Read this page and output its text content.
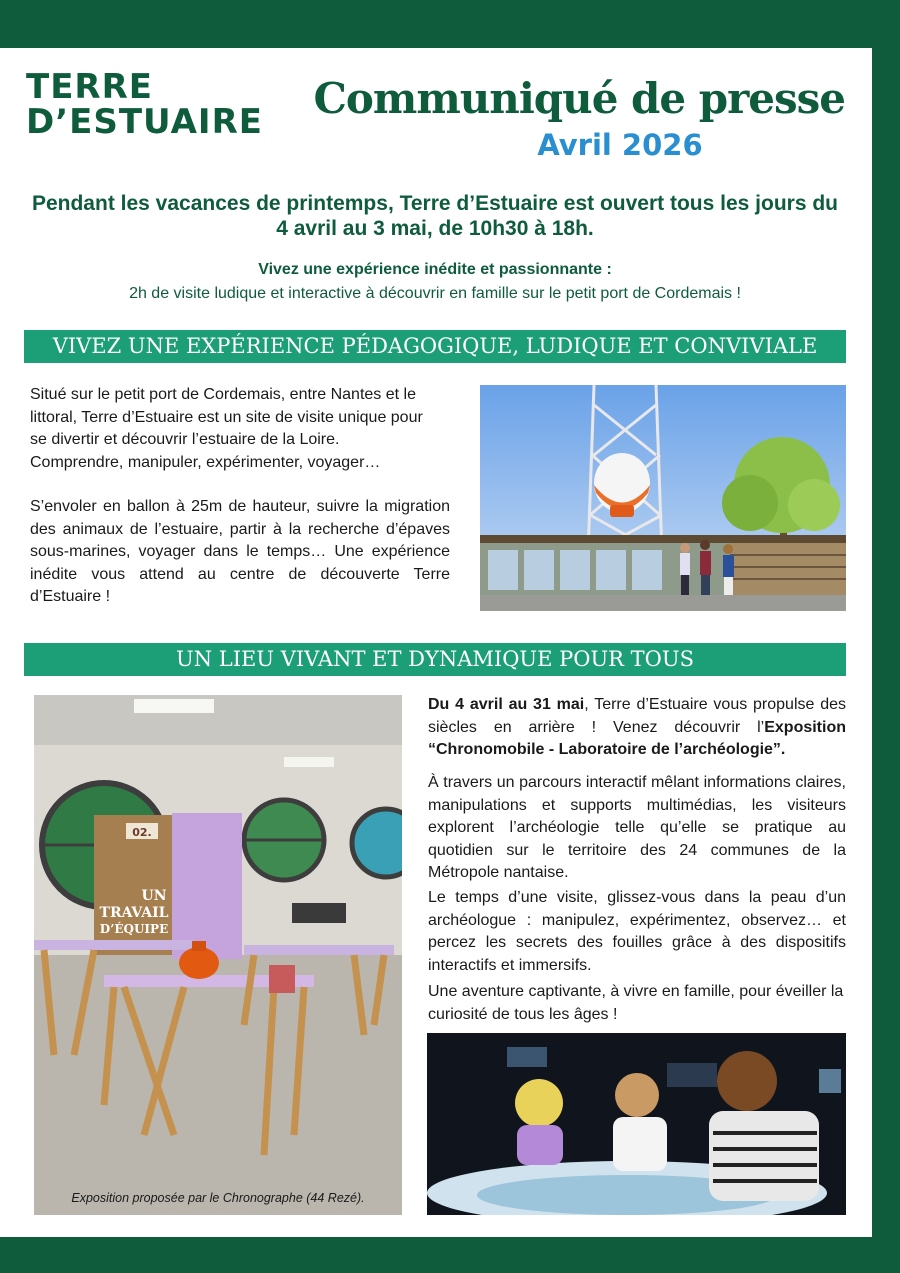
TERRE
D’ESTUAIRE Communiqué de presse
Avril 2026
Pendant les vacances de printemps, Terre d’Estuaire est ouvert tous les jours du 4 avril au 3 mai, de 10h30 à 18h.
Vivez une expérience inédite et passionnante :
2h de visite ludique et interactive à découvrir en famille sur le petit port de Cordemais !
VIVEZ UNE EXPÉRIENCE PÉDAGOGIQUE, LUDIQUE ET CONVIVIALE
Situé sur le petit port de Cordemais, entre Nantes et le
littoral, Terre d’Estuaire est un site de visite unique pour
se divertir et découvrir l’estuaire de la Loire.
Comprendre, manipuler, expérimenter, voyager…

S’envoler en ballon à 25m de hauteur, suivre la migration des animaux de l’estuaire, partir à la recherche d’épaves sous-marines, voyager dans le temps… Une expérience inédite vous attend au centre de découverte Terre d’Estuaire !

UN LIEU VIVANT ET DYNAMIQUE POUR TOUS
02.
UN
TRAVAIL
D’ÉQUIPE
Exposition proposée par le Chronographe (44 Rezé).

Du 4 avril au 31 mai, Terre d’Estuaire vous propulse des siècles en arrière ! Venez découvrir l’Exposition “Chronomobile - Laboratoire de l’archéologie”.

À travers un parcours interactif mêlant informations claires, manipulations et supports multimédias, les visiteurs explorent l’archéologie telle qu’elle se pratique au quotidien sur le territoire des 24 communes de la Métropole nantaise.

Le temps d’une visite, glissez-vous dans la peau d’un archéologue : manipulez, expérimentez, observez… et percez les secrets des fouilles grâce à des dispositifs interactifs et immersifs.

Une aventure captivante, à vivre en famille, pour éveiller la curiosité de tous les âges !
